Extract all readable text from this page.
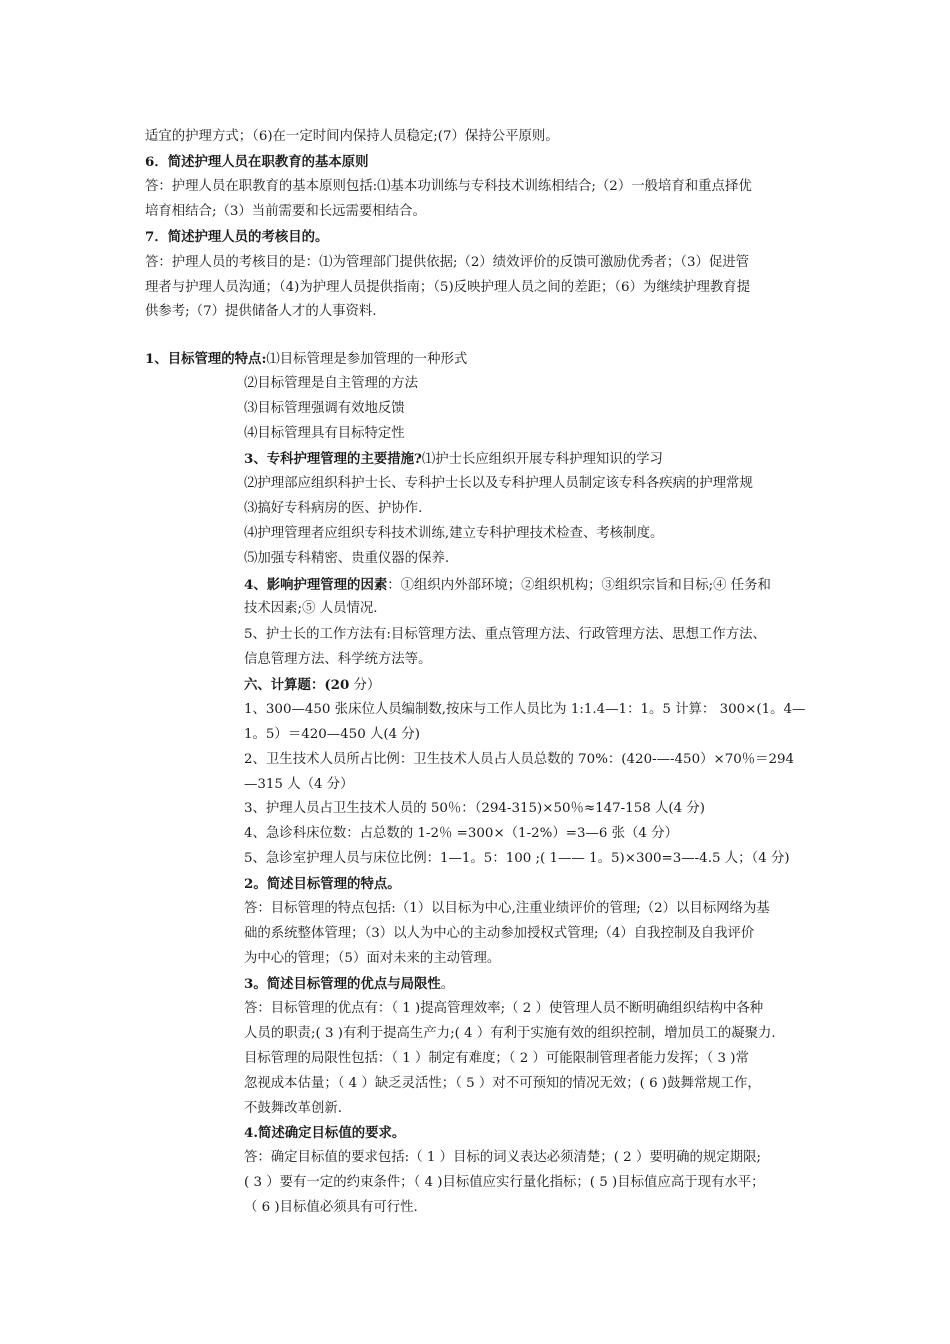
适宜的护理方式；（6)在一定时间内保持人员稳定;(7）保持公平原则。
6．简述护理人员在职教育的基本原则
答：护理人员在职教育的基本原则包括:⑴基本功训练与专科技术训练相结合;（2）一般培育和重点择优
培育相结合;（3）当前需要和长远需要相结合。
7．简述护理人员的考核目的。
答：护理人员的考核目的是：⑴为管理部门提供依据;（2）绩效评价的反馈可激励优秀者；（3）促进管
理者与护理人员沟通；（4)为护理人员提供指南；（5)反映护理人员之间的差距；（6）为继续护理教育提
供参考;（7）提供储备人才的人事资料.
1、目标管理的特点:⑴目标管理是参加管理的一种形式
⑵目标管理是自主管理的方法
⑶目标管理强调有效地反馈
⑷目标管理具有目标特定性
3、专科护理管理的主要措施?⑴护士长应组织开展专科护理知识的学习
⑵护理部应组织科护士长、专科护士长以及专科护理人员制定该专科各疾病的护理常规
⑶搞好专科病房的医、护协作.
⑷护理管理者应组织专科技术训练,建立专科护理技术检查、考核制度。
⑸加强专科精密、贵重仪器的保养.
4、影响护理管理的因素：①组织内外部环境；②组织机构；③组织宗旨和目标;④ 任务和
技术因素;⑤ 人员情况.
5、护士长的工作方法有:目标管理方法、重点管理方法、行政管理方法、思想工作方法、
信息管理方法、科学统方法等。
六、计算题：(20 分）
1、300—450 张床位人员编制数,按床与工作人员比为 1:1.4—1：1。5 计算： 300×(1。4—
1。5）＝420—450 人(4 分)
2、卫生技术人员所占比例：卫生技术人员占人员总数的 70%：(420-—-450）×70％＝294
—315 人（4 分）
3、护理人员占卫生技术人员的 50％：（294-315)×50％≈147-158 人(4 分)
4、急诊科床位数：占总数的 1-2％ =300×（1-2%）=3—6 张（4 分）
5、急诊室护理人员与床位比例：1—1。5：100 ;( 1—— 1。5)×300=3—-4.5 人；（4 分)
2。简述目标管理的特点。
答：目标管理的特点包括:（1）以目标为中心,注重业绩评价的管理;（2）以目标网络为基
础的系统整体管理；（3）以人为中心的主动参加授权式管理;（4）自我控制及自我评价
为中心的管理；（5）面对未来的主动管理。
3。简述目标管理的优点与局限性。
答：目标管理的优点有：（ 1 )提高管理效率;（ 2 ）使管理人员不断明确组织结构中各种
人员的职责;( 3 )有利于提高生产力;( 4 ）有利于实施有效的组织控制，增加员工的凝聚力.
目标管理的局限性包括：（ 1 ）制定有难度；（ 2 ）可能限制管理者能力发挥；（ 3 )常
忽视成本估量；（ 4 ）缺乏灵活性；（ 5 ）对不可预知的情况无效；( 6 )鼓舞常规工作，
不鼓舞改革创新.
4.简述确定目标值的要求。
答：确定目标值的要求包括:（ 1 ）目标的词义表达必须清楚；( 2 ）要明确的规定期限;
( 3 ）要有一定的约束条件；（ 4 )目标值应实行量化指标；( 5 )目标值应高于现有水平；
（ 6 )目标值必须具有可行性.
